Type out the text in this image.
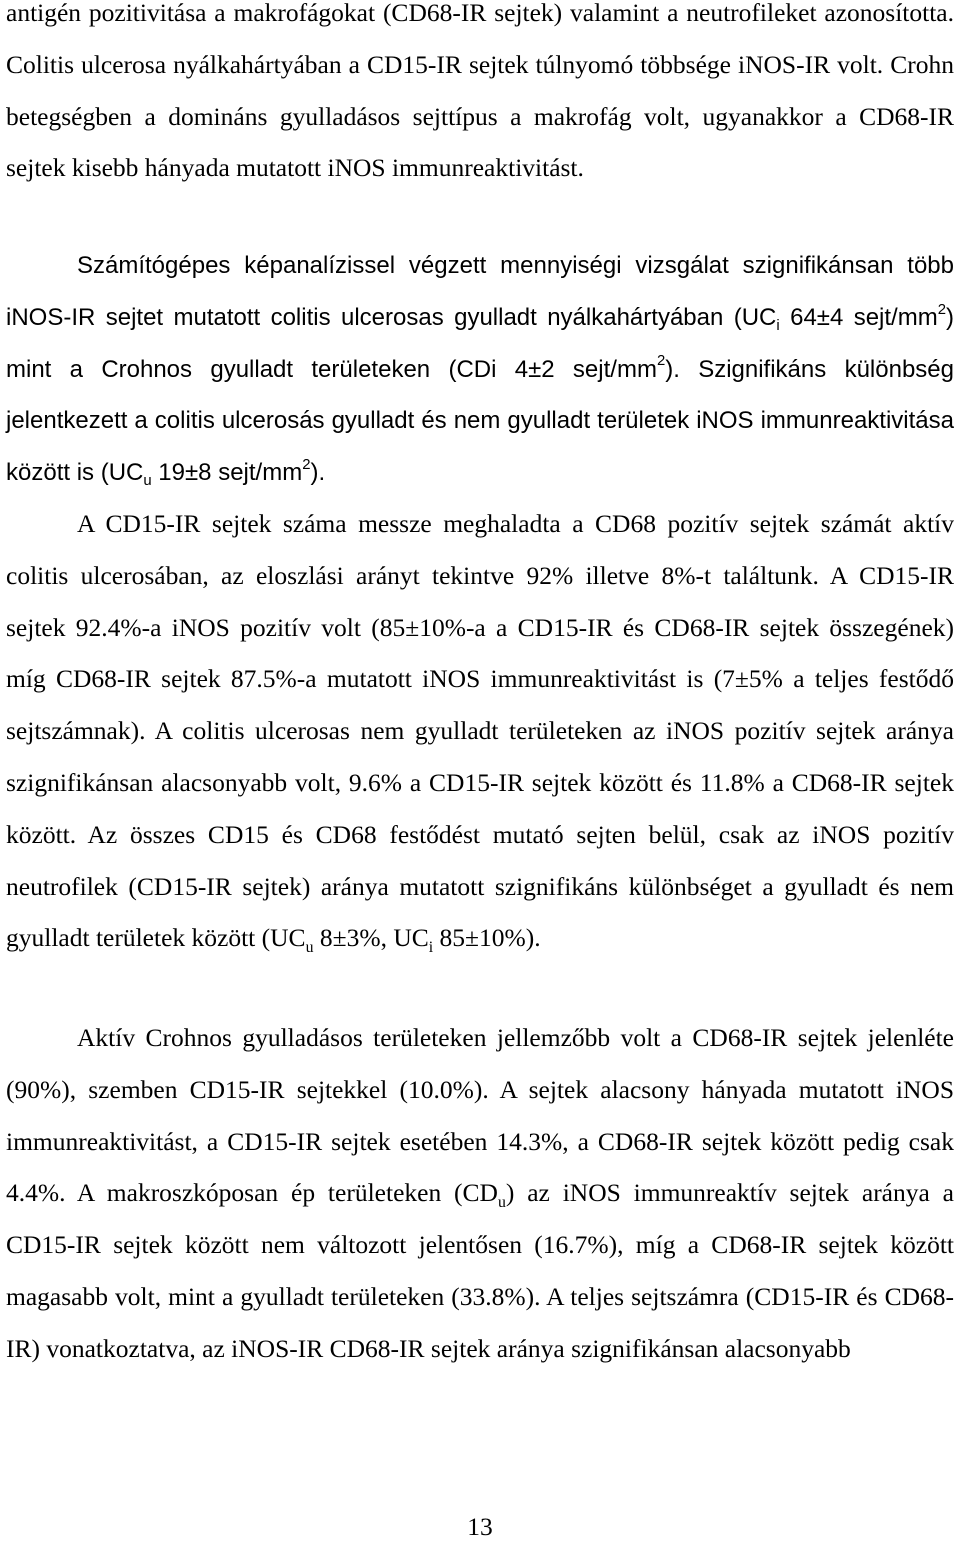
antigén pozitivitása a makrofágokat (CD68-IR sejtek) valamint a neutrofileket azonosította. Colitis ulcerosa nyálkahártyában a CD15-IR sejtek túlnyomó többsége iNOS-IR volt. Crohn betegségben a domináns gyulladásos sejttípus a makrofág volt, ugyanakkor a CD68-IR sejtek kisebb hányada mutatott iNOS immunreaktivitást.

Számítógépes képanalízissel végzett mennyiségi vizsgálat szignifikánsan több iNOS-IR sejtet mutatott colitis ulcerosas gyulladt nyálkahártyában ($UC_i$ 64±4 sejt/$mm^2$) mint a Crohnos gyulladt területeken (CDi 4±2 sejt/$mm^2$). Szignifikáns különbség jelentkezett a colitis ulcerosás gyulladt és nem gyulladt területek iNOS immunreaktivitása között is ($UC_u$ 19±8 sejt/$mm^2$).

A CD15-IR sejtek száma messze meghaladta a CD68 pozitív sejtek számát aktív colitis ulcerosában, az eloszlási arányt tekintve 92% illetve 8%-t találtunk. A CD15-IR sejtek 92.4%-a iNOS pozitív volt (85±10%-a a CD15-IR és CD68-IR sejtek összegének) míg CD68-IR sejtek 87.5%-a mutatott iNOS immunreaktivitást is (7±5% a teljes festődő sejtszámnak). A colitis ulcerosas nem gyulladt területeken az iNOS pozitív sejtek aránya szignifikánsan alacsonyabb volt, 9.6% a CD15-IR sejtek között és 11.8% a CD68-IR sejtek között. Az összes CD15 és CD68 festődést mutató sejten belül, csak az iNOS pozitív neutrofilek (CD15-IR sejtek) aránya mutatott szignifikáns különbséget a gyulladt és nem gyulladt területek között ($UC_u$ 8±3%, $UC_i$ 85±10%).

Aktív Crohnos gyulladásos területeken jellemzőbb volt a CD68-IR sejtek jelenléte (90%), szemben CD15-IR sejtekkel (10.0%). A sejtek alacsony hányada mutatott iNOS immunreaktivitást, a CD15-IR sejtek esetében 14.3%, a CD68-IR sejtek között pedig csak 4.4%. A makroszkóposan ép területeken $(CD_u)$ az iNOS immunreaktív sejtek aránya a CD15-IR sejtek között nem változott jelentősen (16.7%), míg a CD68-IR sejtek között magasabb volt, mint a gyulladt területeken (33.8%). A teljes sejtszámra (CD15-IR és CD68-IR) vonatkoztatva, az iNOS-IR CD68-IR sejtek aránya szignifikánsan alacsonyabb

13
